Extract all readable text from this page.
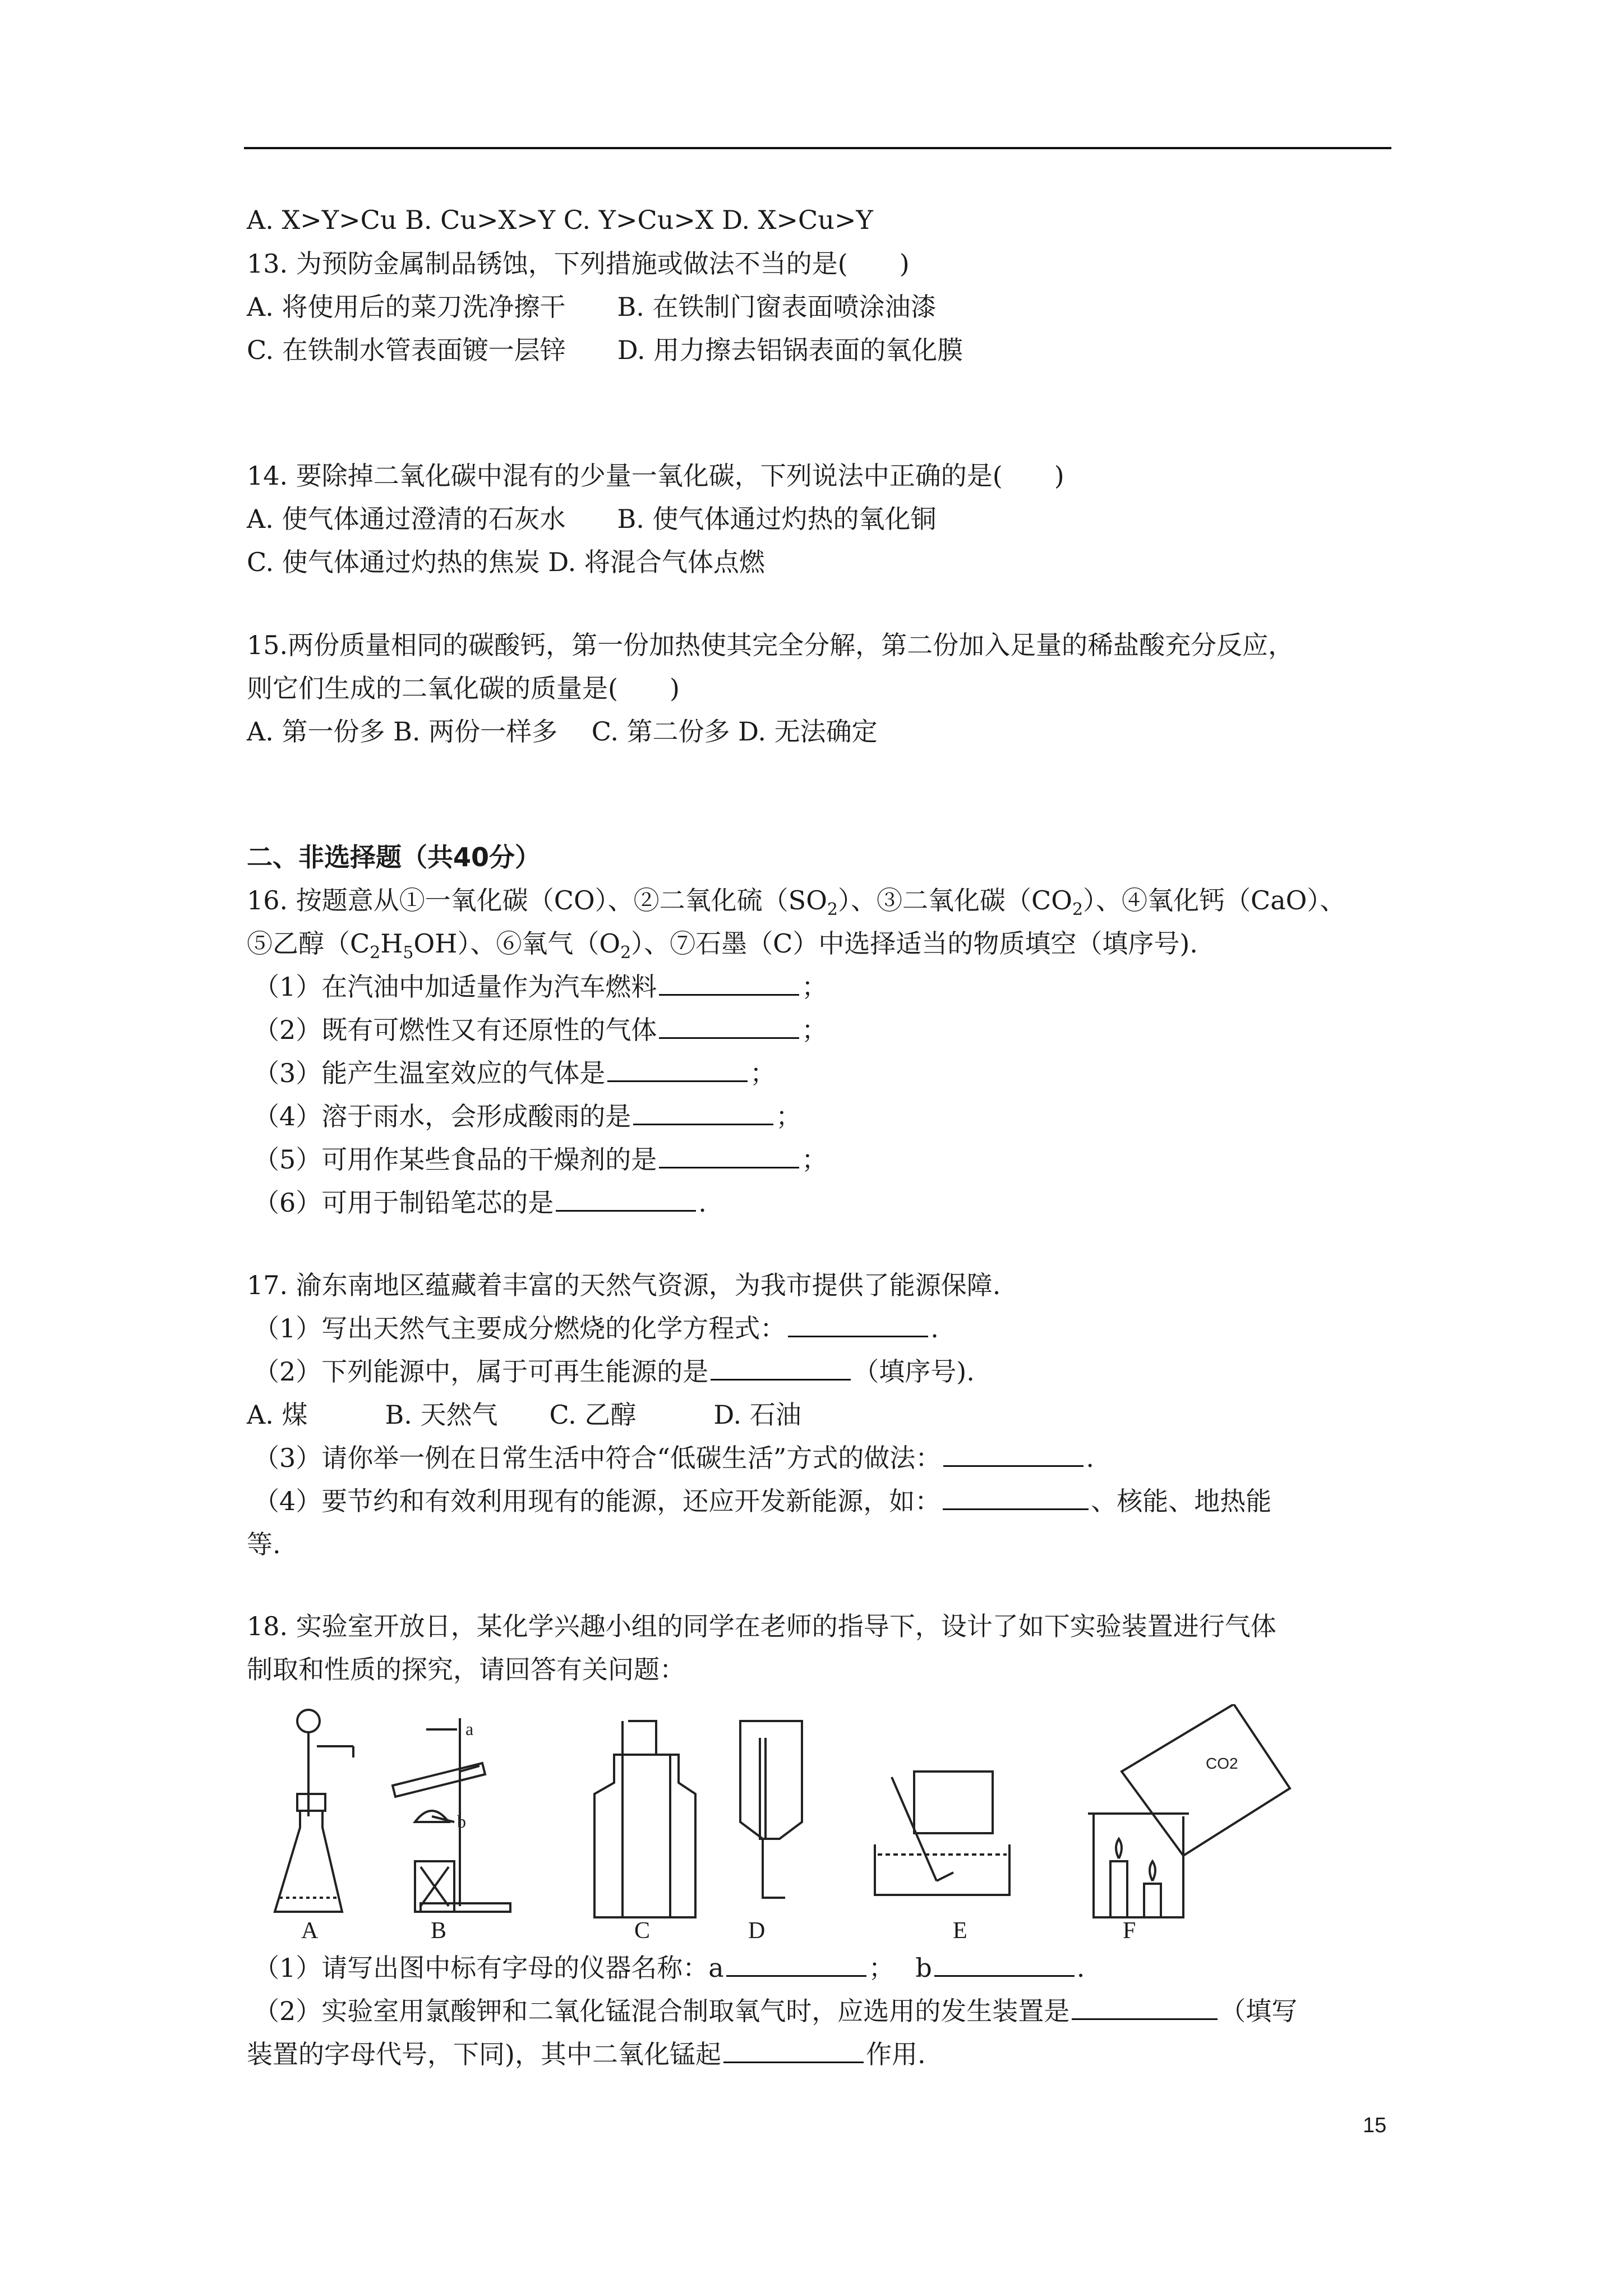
A. X>Y>Cu B. Cu>X>Y C. Y>Cu>X D. X>Cu>Y
13. 为预防金属制品锈蚀，下列措施或做法不当的是(　　)
A. 将使用后的菜刀洗净擦干　　B. 在铁制门窗表面喷涂油漆
C. 在铁制水管表面镀一层锌　　D. 用力擦去铝锅表面的氧化膜
14. 要除掉二氧化碳中混有的少量一氧化碳，下列说法中正确的是(　　)
A. 使气体通过澄清的石灰水　　B. 使气体通过灼热的氧化铜
C. 使气体通过灼热的焦炭 D. 将混合气体点燃
15.两份质量相同的碳酸钙，第一份加热使其完全分解，第二份加入足量的稀盐酸充分反应，
则它们生成的二氧化碳的质量是(　　)
A. 第一份多 B. 两份一样多　 C. 第二份多 D. 无法确定
二、非选择题（共40分）
16. 按题意从①一氧化碳（CO）、②二氧化硫$(SO_2)$、③二氧化碳$(CO_2)$、④氧化钙（CaO）、
⑤乙醇$(C_2H_5OH)$、⑥氧气$(O_2)$、⑦石墨（C）中选择适当的物质填空（填序号).
（1）在汽油中加适量作为汽车燃料	；
（2）既有可燃性又有还原性的气体	；
（3）能产生温室效应的气体是	；
（4）溶于雨水，会形成酸雨的是	；
（5）可用作某些食品的干燥剂的是	；
（6）可用于制铅笔芯的是	.
17. 渝东南地区蕴藏着丰富的天然气资源，为我市提供了能源保障.
（1）写出天然气主要成分燃烧的化学方程式：	.
（2）下列能源中，属于可再生能源的是	（填序号).
A. 煤　　　B. 天然气　　C. 乙醇　　　D. 石油
（3）请你举一例在日常生活中符合“低碳生活”方式的做法：	.
（4）要节约和有效利用现有的能源，还应开发新能源，如：	、核能、地热能
等.
18. 实验室开放日，某化学兴趣小组的同学在老师的指导下，设计了如下实验装置进行气体
制取和性质的探究，请回答有关问题：
CO2
a
b
A	B	C	D	E	F
（1）请写出图中标有字母的仪器名称：a	；　 b	.
（2）实验室用氯酸钾和二氧化锰混合制取氧气时，应选用的发生装置是	（填写
装置的字母代号，下同)，其中二氧化锰起	作用.
15
